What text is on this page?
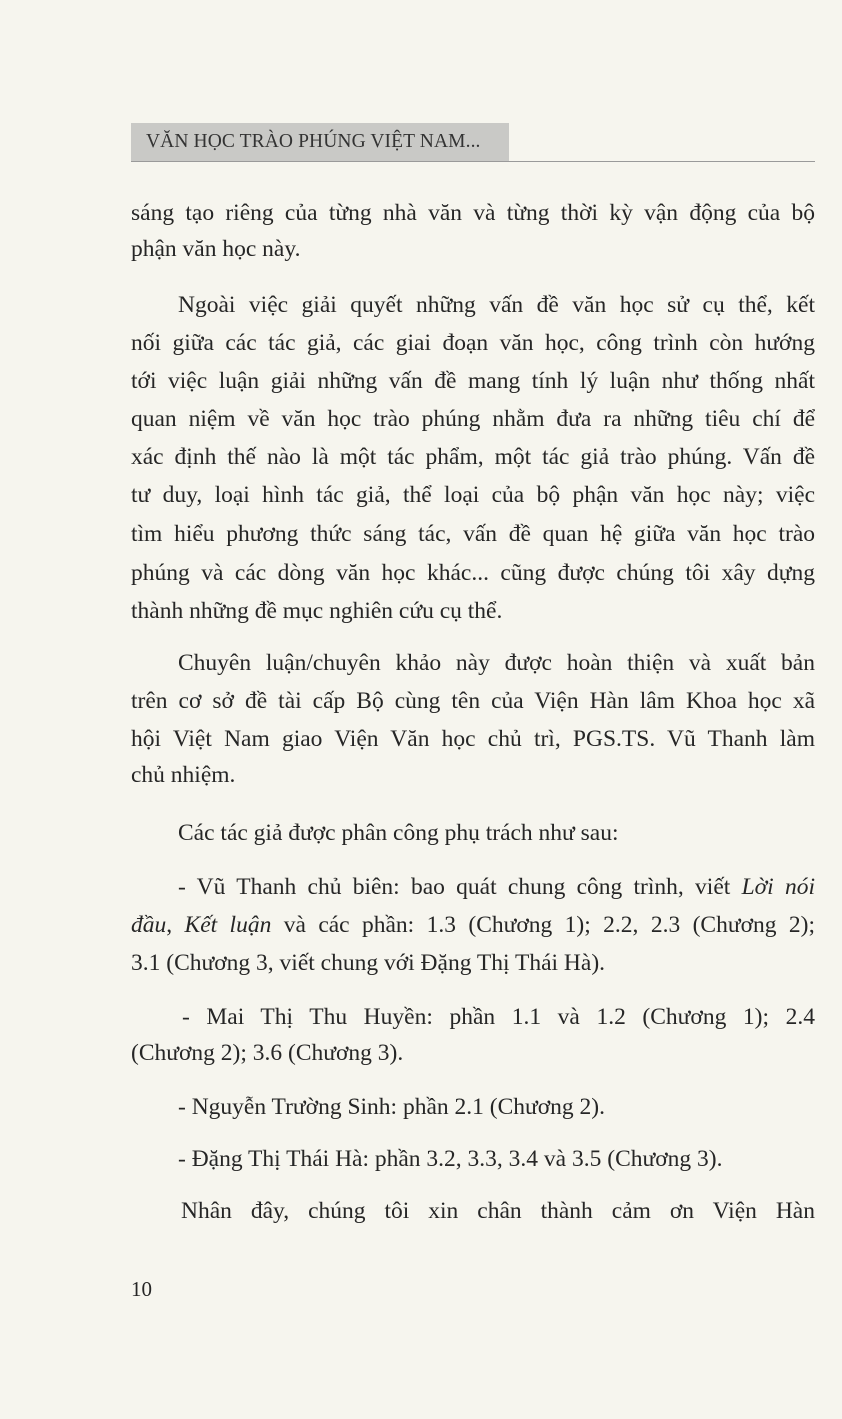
VĂN HỌC TRÀO PHÚNG VIỆT NAM...
sáng tạo riêng của từng nhà văn và từng thời kỳ vận động của bộ
phận văn học này.
Ngoài việc giải quyết những vấn đề văn học sử cụ thể, kết
nối giữa các tác giả, các giai đoạn văn học, công trình còn hướng
tới việc luận giải những vấn đề mang tính lý luận như thống nhất
quan niệm về văn học trào phúng nhằm đưa ra những tiêu chí để
xác định thế nào là một tác phẩm, một tác giả trào phúng. Vấn đề
tư duy, loại hình tác giả, thể loại của bộ phận văn học này; việc
tìm hiểu phương thức sáng tác, vấn đề quan hệ giữa văn học trào
phúng và các dòng văn học khác... cũng được chúng tôi xây dựng
thành những đề mục nghiên cứu cụ thể.
Chuyên luận/chuyên khảo này được hoàn thiện và xuất bản
trên cơ sở đề tài cấp Bộ cùng tên của Viện Hàn lâm Khoa học xã
hội Việt Nam giao Viện Văn học chủ trì, PGS.TS. Vũ Thanh làm
chủ nhiệm.
Các tác giả được phân công phụ trách như sau:
- Vũ Thanh chủ biên: bao quát chung công trình, viết Lời nói
đầu, Kết luận và các phần: 1.3 (Chương 1); 2.2, 2.3 (Chương 2);
3.1 (Chương 3, viết chung với Đặng Thị Thái Hà).
- Mai Thị Thu Huyền: phần 1.1 và 1.2 (Chương 1); 2.4
(Chương 2); 3.6 (Chương 3).
- Nguyễn Trường Sinh: phần 2.1 (Chương 2).
- Đặng Thị Thái Hà: phần 3.2, 3.3, 3.4 và 3.5 (Chương 3).
Nhân đây, chúng tôi xin chân thành cảm ơn Viện Hàn
10
